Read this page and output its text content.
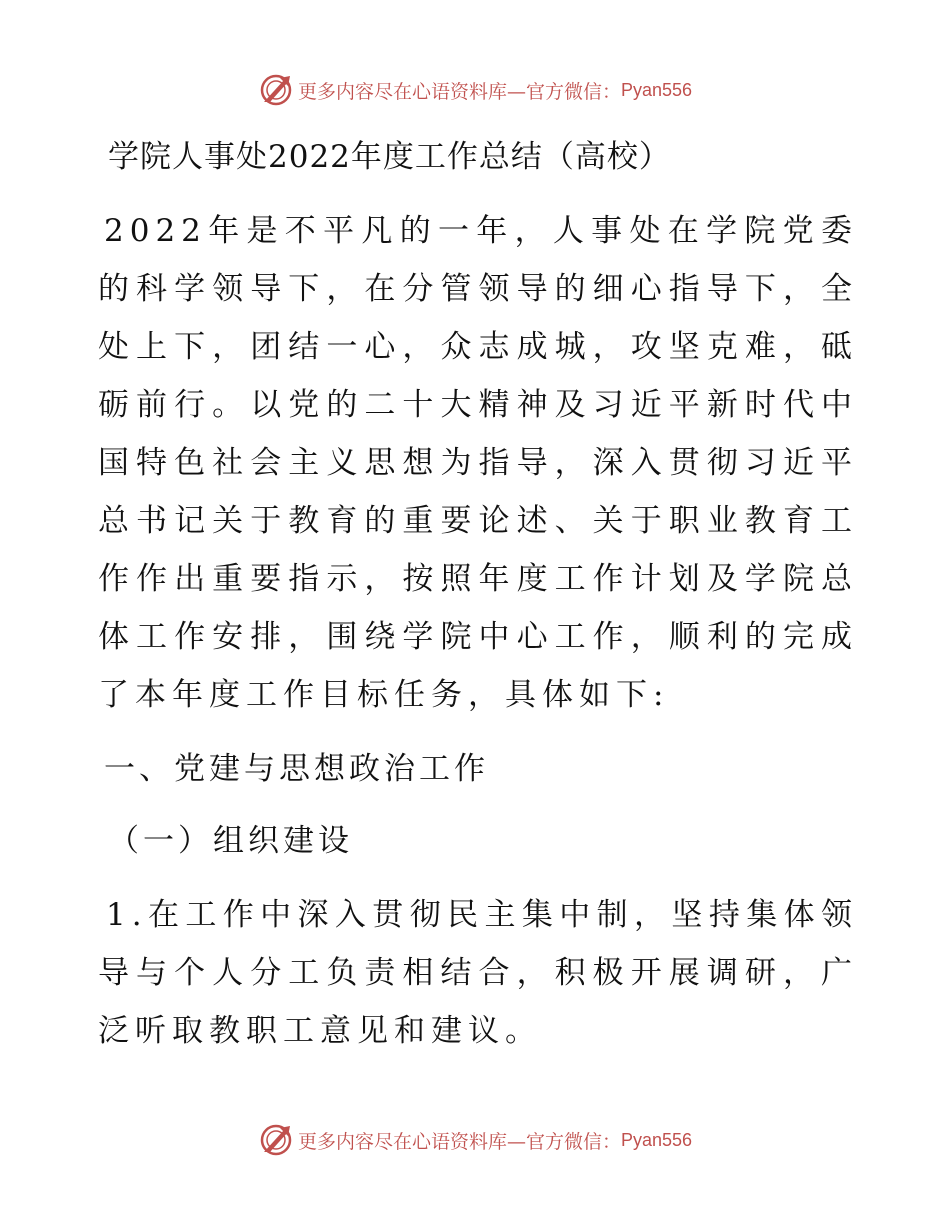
更多内容尽在心语资料库—官方微信： Pyan556
学院人事处2022年度工作总结（高校）
2022年是不平凡的一年，人事处在学院党委的科学领导下，在分管领导的细心指导下，全处上下，团结一心，众志成城，攻坚克难，砥砺前行。以党的二十大精神及习近平新时代中国特色社会主义思想为指导，深入贯彻习近平总书记关于教育的重要论述、关于职业教育工作作出重要指示，按照年度工作计划及学院总体工作安排，围绕学院中心工作，顺利的完成了本年度工作目标任务，具体如下:
一、党建与思想政治工作
（一）组织建设
1.在工作中深入贯彻民主集中制，坚持集体领导与个人分工负责相结合，积极开展调研，广泛听取教职工意见和建议。
更多内容尽在心语资料库—官方微信： Pyan556
